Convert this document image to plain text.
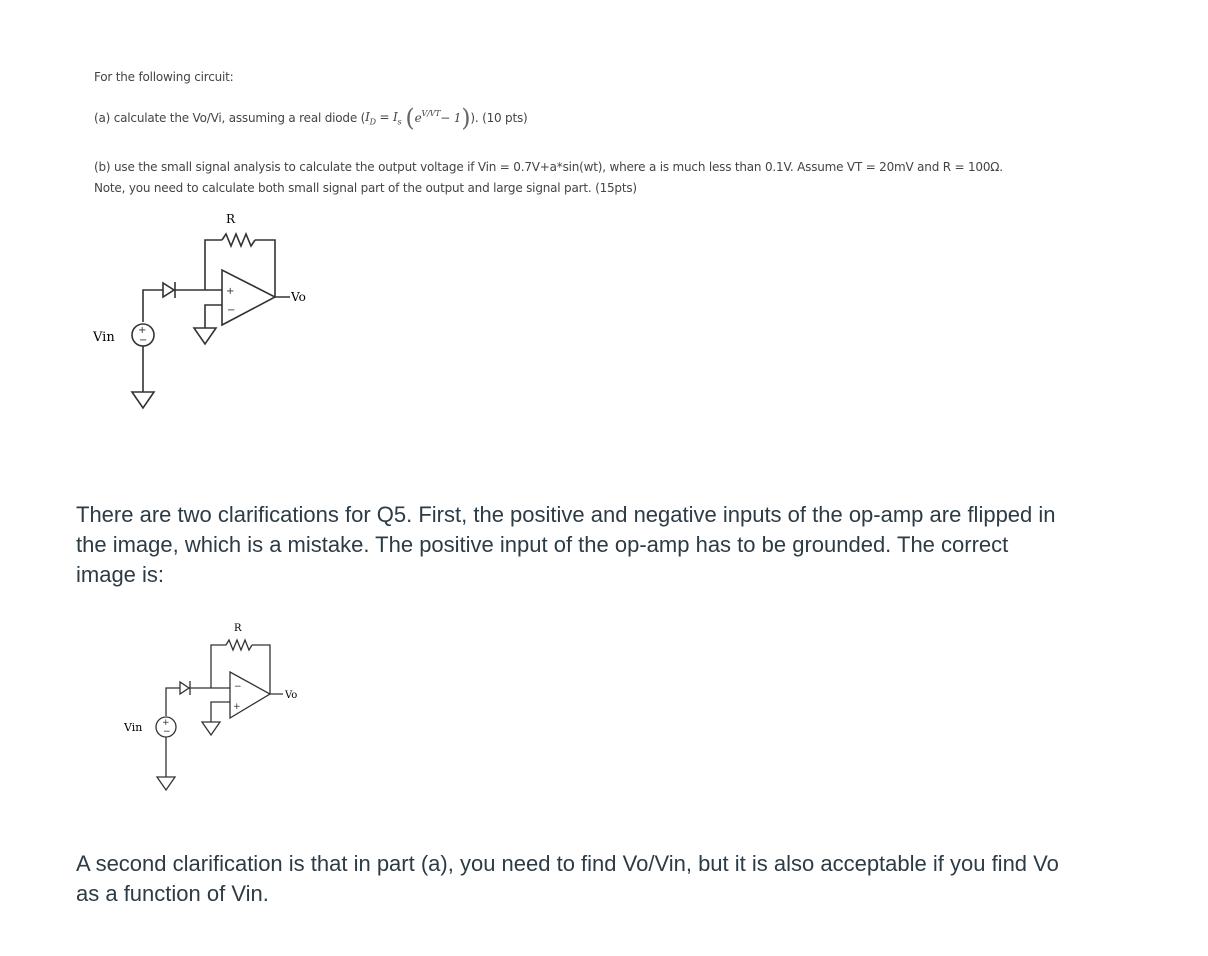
For the following circuit:
(a) calculate the Vo/Vi, assuming a real diode ( $I_D = I_s$ ( $e^{V/VT} - 1$ ) ). (10 pts)
(b) use the small signal analysis to calculate the output voltage if Vin = 0.7V+a*sin(wt), where a is much less than 0.1V. Assume VT = 20mV and R = 100Ω. Note, you need to calculate both small signal part of the output and large signal part. (15pts)
+
−
+
−
R
Vo
Vin
There are two clarifications for Q5. First, the positive and negative inputs of the op-amp are flipped in the image, which is a mistake. The positive input of the op-amp has to be grounded. The correct image is:
+
−
−
+
R
Vo
Vin
A second clarification is that in part (a), you need to find Vo/Vin, but it is also acceptable if you find Vo as a function of Vin.
